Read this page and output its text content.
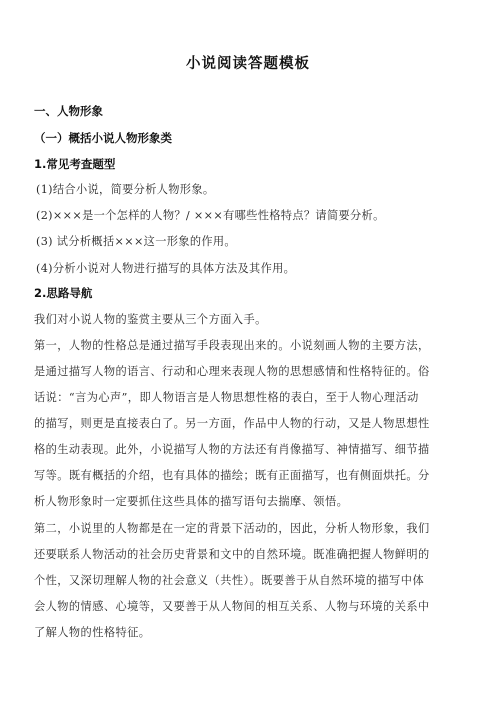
小说阅读答题模板
一、人物形象
（一）概括小说人物形象类
1.常见考查题型
(1)结合小说，简要分析人物形象。
(2)×××是一个怎样的人物？/ ×××有哪些性格特点？请简要分析。
(3) 试分析概括×××这一形象的作用。
(4)分析小说对人物进行描写的具体方法及其作用。
2.思路导航
我们对小说人物的鉴赏主要从三个方面入手。
第一，人物的性格总是通过描写手段表现出来的。小说刻画人物的主要方法，
是通过描写人物的语言、行动和心理来表现人物的思想感情和性格特征的。俗
话说：“言为心声”，即人物语言是人物思想性格的表白，至于人物心理活动
的描写，则更是直接表白了。另一方面，作品中人物的行动，又是人物思想性
格的生动表现。此外，小说描写人物的方法还有肖像描写、神情描写、细节描
写等。既有概括的介绍，也有具体的描绘；既有正面描写，也有侧面烘托。分
析人物形象时一定要抓住这些具体的描写语句去揣摩、领悟。
第二，小说里的人物都是在一定的背景下活动的，因此，分析人物形象，我们
还要联系人物活动的社会历史背景和文中的自然环境。既准确把握人物鲜明的
个性，又深切理解人物的社会意义（共性）。既要善于从自然环境的描写中体
会人物的情感、心境等，又要善于从人物间的相互关系、人物与环境的关系中
了解人物的性格特征。
